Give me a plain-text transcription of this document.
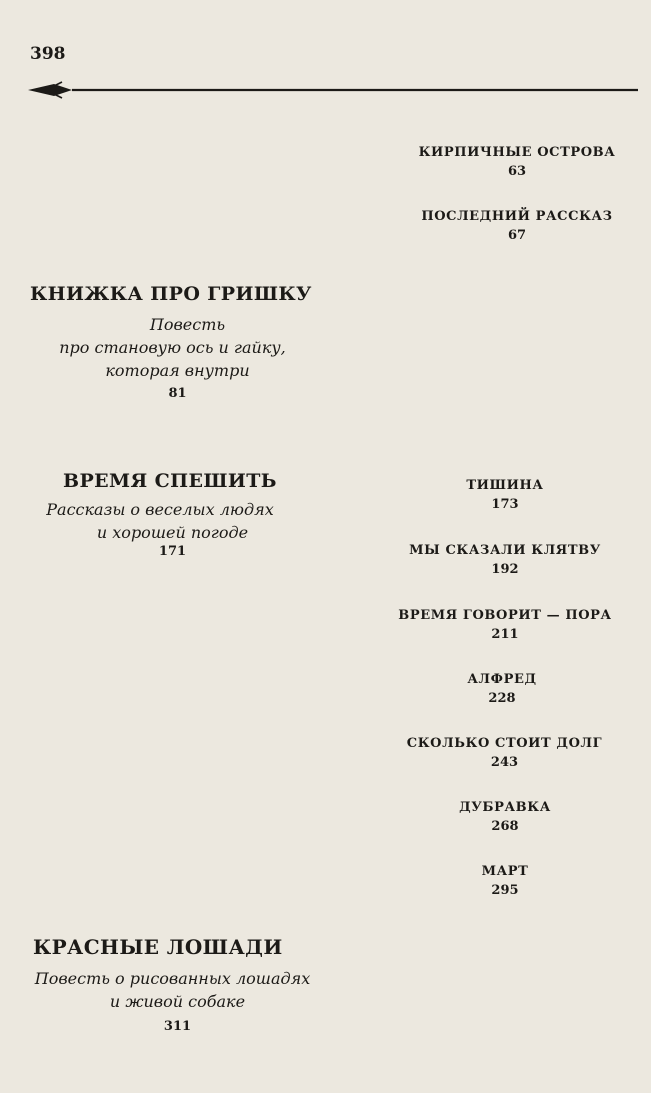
398
КИРПИЧНЫЕ ОСТРОВА
63
ПОСЛЕДНИЙ РАССКАЗ
67
ТИШИНА
173
МЫ СКАЗАЛИ КЛЯТВУ
192
ВРЕМЯ ГОВОРИТ — ПОРА
211
АЛФРЕД
228
СКОЛЬКО СТОИТ ДОЛГ
243
ДУБРАВКА
268
МАРТ
295
КНИЖКА ПРО ГРИШКУ
Повесть
про становую ось и гайку,
которая внутри
81
ВРЕМЯ СПЕШИТЬ
Рассказы о веселых людях
и хорошей погоде
171
КРАСНЫЕ ЛОШАДИ
Повесть о рисованных лошадях
и живой собаке
311
